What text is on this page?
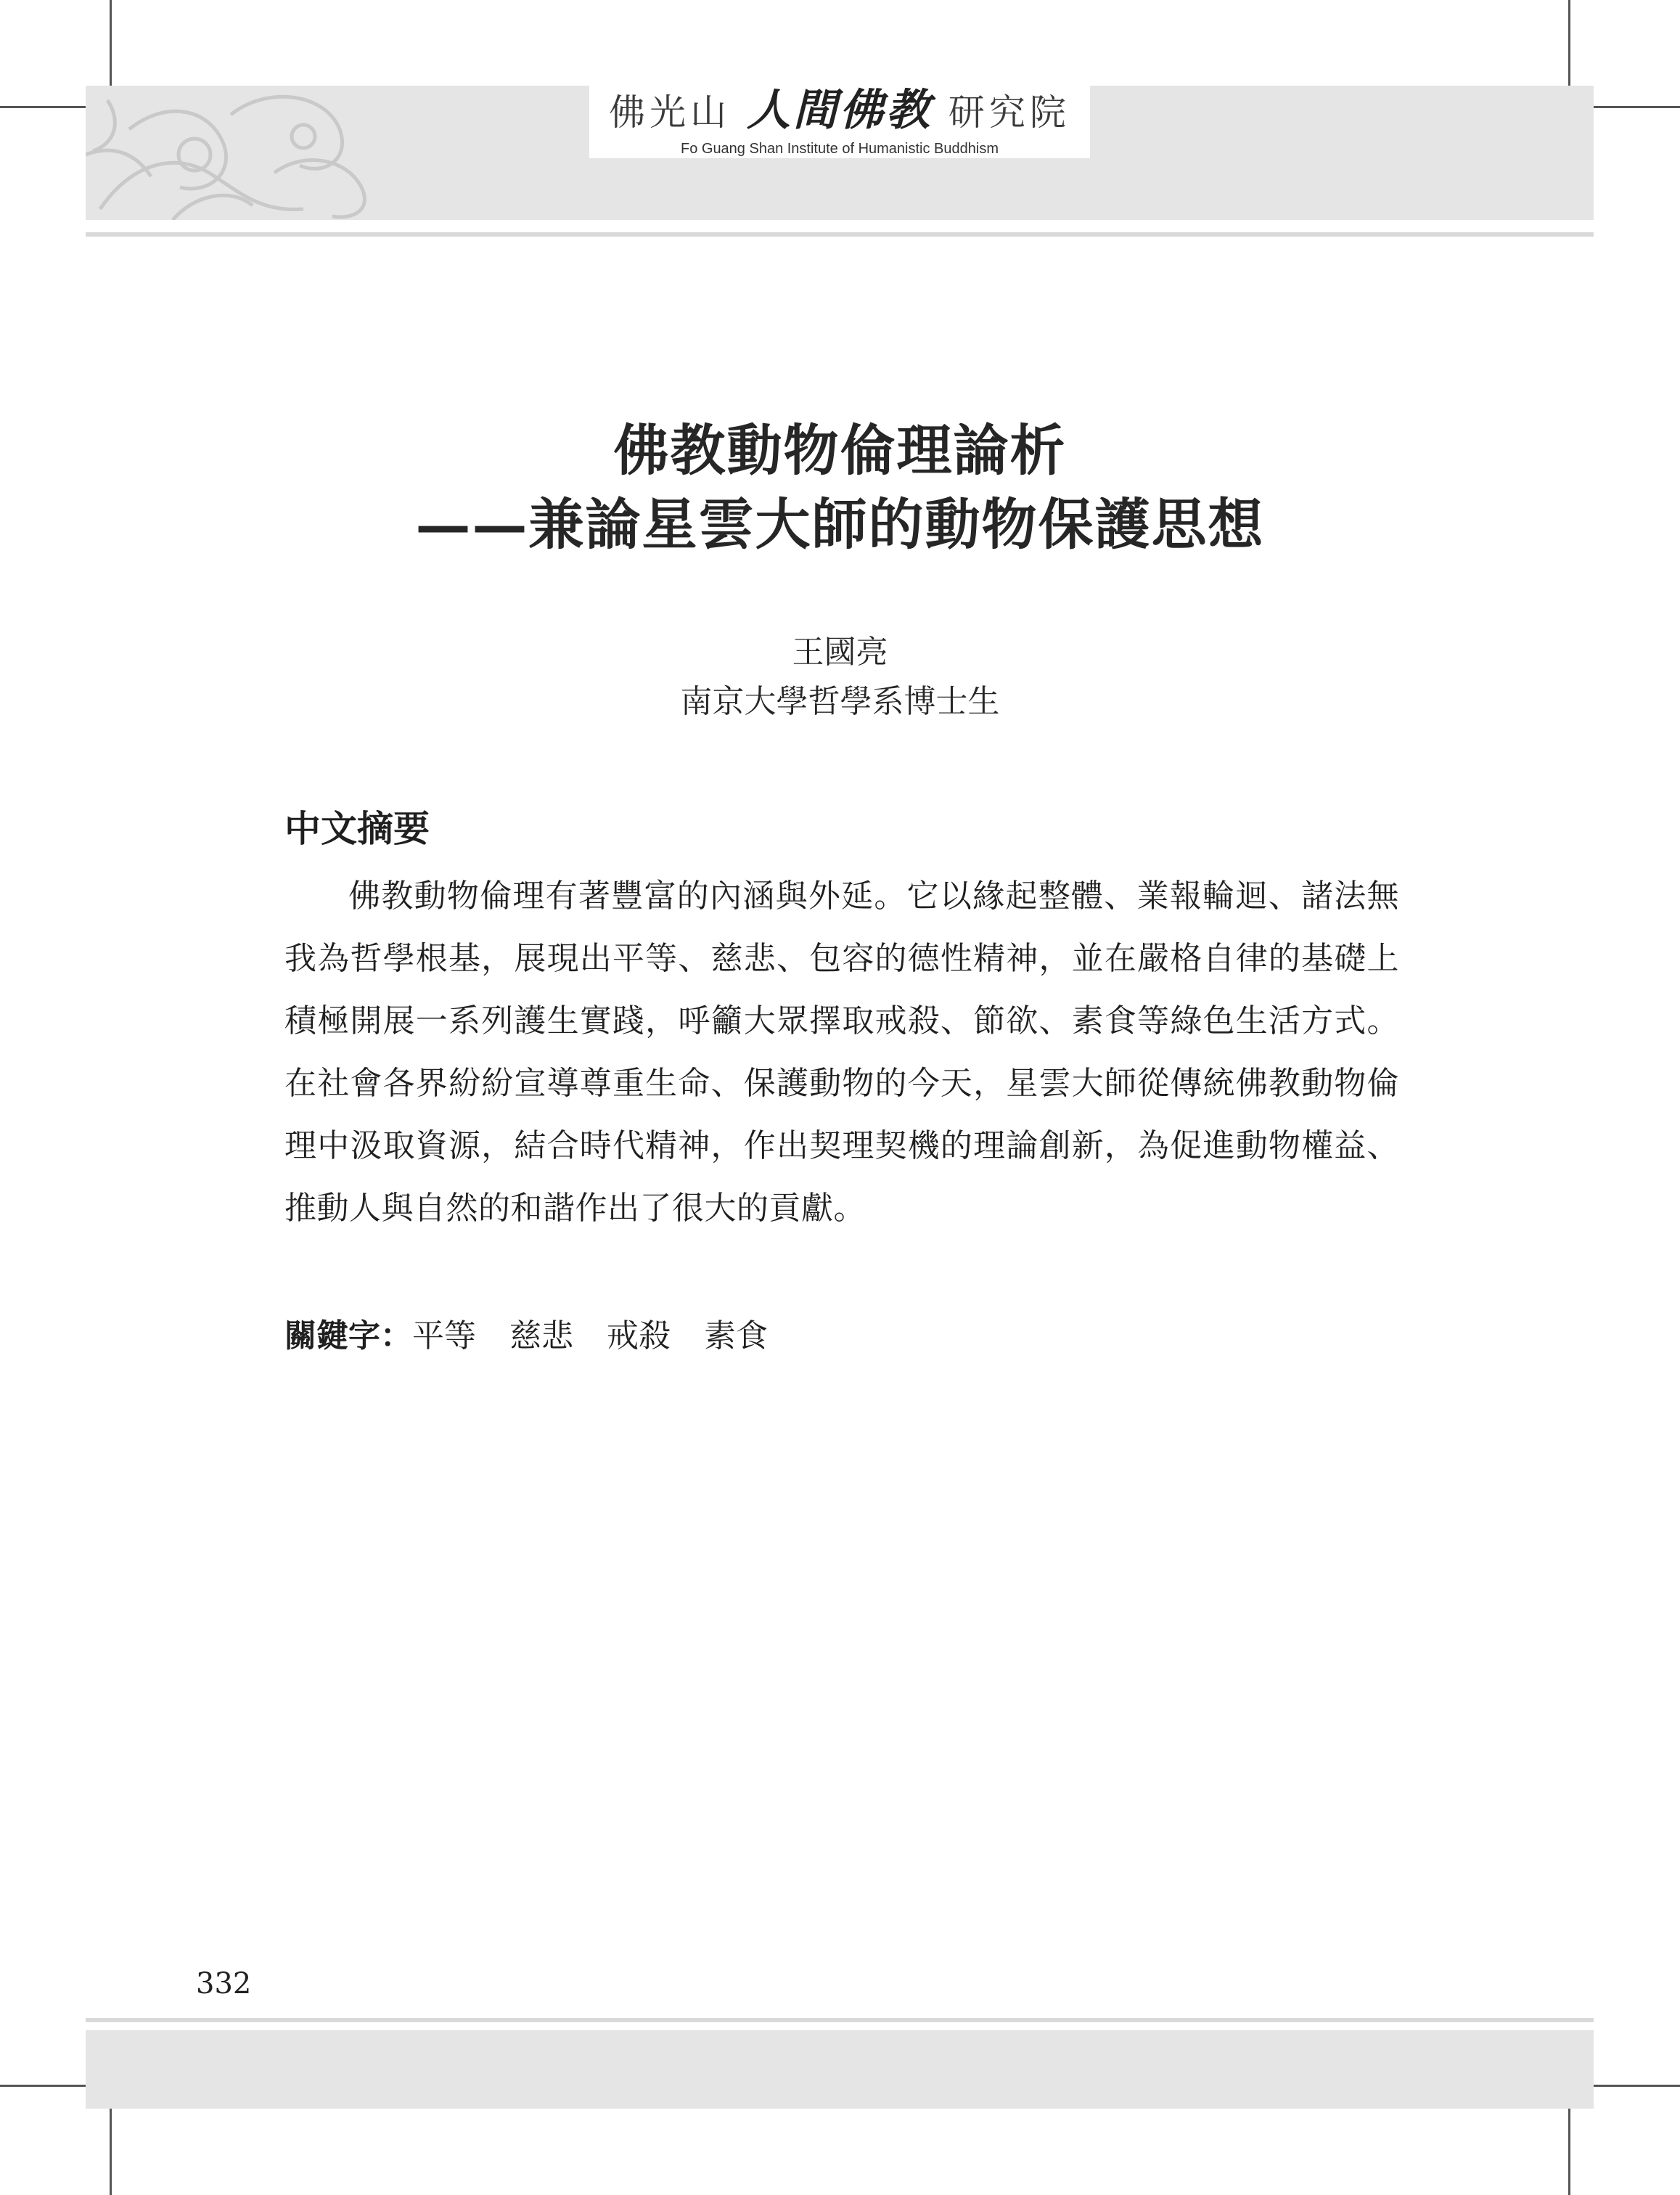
佛光山 人間佛教 研究院
Fo Guang Shan Institute of Humanistic Buddhism
佛教動物倫理論析
——兼論星雲大師的動物保護思想
王國亮
南京大學哲學系博士生
中文摘要
佛教動物倫理有著豐富的內涵與外延。它以緣起整體、業報輪迴、諸法無我為哲學根基，展現出平等、慈悲、包容的德性精神，並在嚴格自律的基礎上積極開展一系列護生實踐，呼籲大眾擇取戒殺、節欲、素食等綠色生活方式。在社會各界紛紛宣導尊重生命、保護動物的今天，星雲大師從傳統佛教動物倫理中汲取資源，結合時代精神，作出契理契機的理論創新，為促進動物權益、推動人與自然的和諧作出了很大的貢獻。
關鍵字：平等 慈悲 戒殺 素食
332
